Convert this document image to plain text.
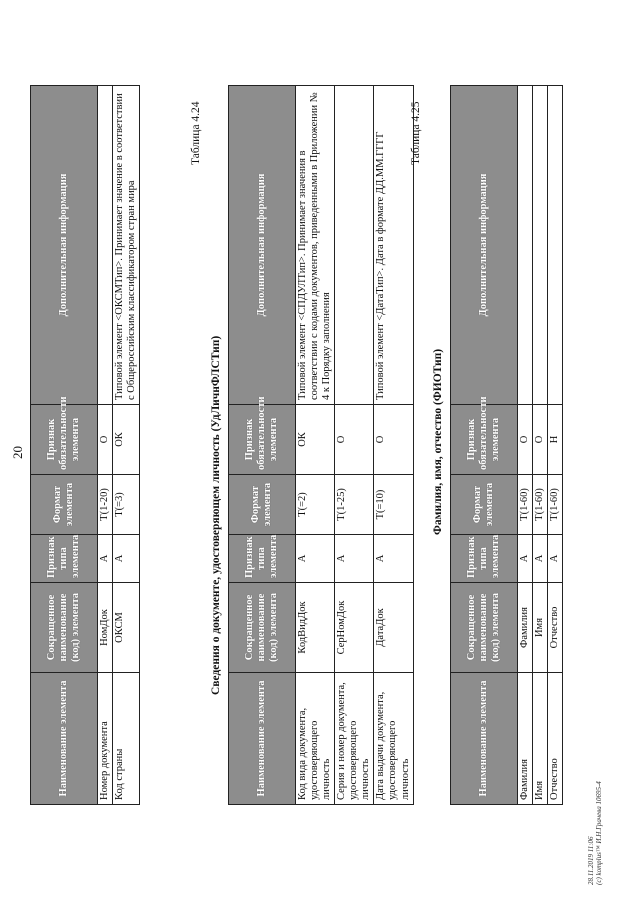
20
Наименование элемента	Сокращенное наименование (код) элемента	Признак типа элемента	Формат элемента	Признак обязательности элемента	Дополнительная информация
Номер документа	НомДок	А	T(1-20)	О	
Код страны	ОКСМ	А	T(=3)	ОК	Типовой элемент <ОКСМТип>. Принимает значение в соответствии с Общероссийским классификатором стран мира
Таблица 4.24
Сведения о документе, удостоверяющем личность (УдЛичнФЛСТип)
Наименование элемента	Сокращенное наименование (код) элемента	Признак типа элемента	Формат элемента	Признак обязательности элемента	Дополнительная информация
Код вида документа, удостоверяющего личность	КодВидДок	А	T(=2)	ОК	Типовой элемент <СПДУЛТип>. Принимает значения в соответствии с кодами документов, приведенными в Приложении № 4 к Порядку заполнения
Серия и номер документа, удостоверяющего личность	СерНомДок	А	T(1-25)	О	
Дата выдачи документа, удостоверяющего личность	ДатаДок	А	T(=10)	О	Типовой элемент <ДатаТип>. Дата в формате ДД.ММ.ГГГГ Таблица 4.25
Фамилия, имя, отчество (ФИОТип)
Наименование элемента	Сокращенное наименование (код) элемента	Признак типа элемента	Формат элемента	Признак обязательности элемента	Дополнительная информация
Фамилия	Фамилия	А	T(1-60)	О	
Имя	Имя	А	T(1-60)	О	
Отчество	Отчество	А	T(1-60)	Н	
28.11.2019 11:06 (c) komplus™ И.Н.Грачева 10695-4
